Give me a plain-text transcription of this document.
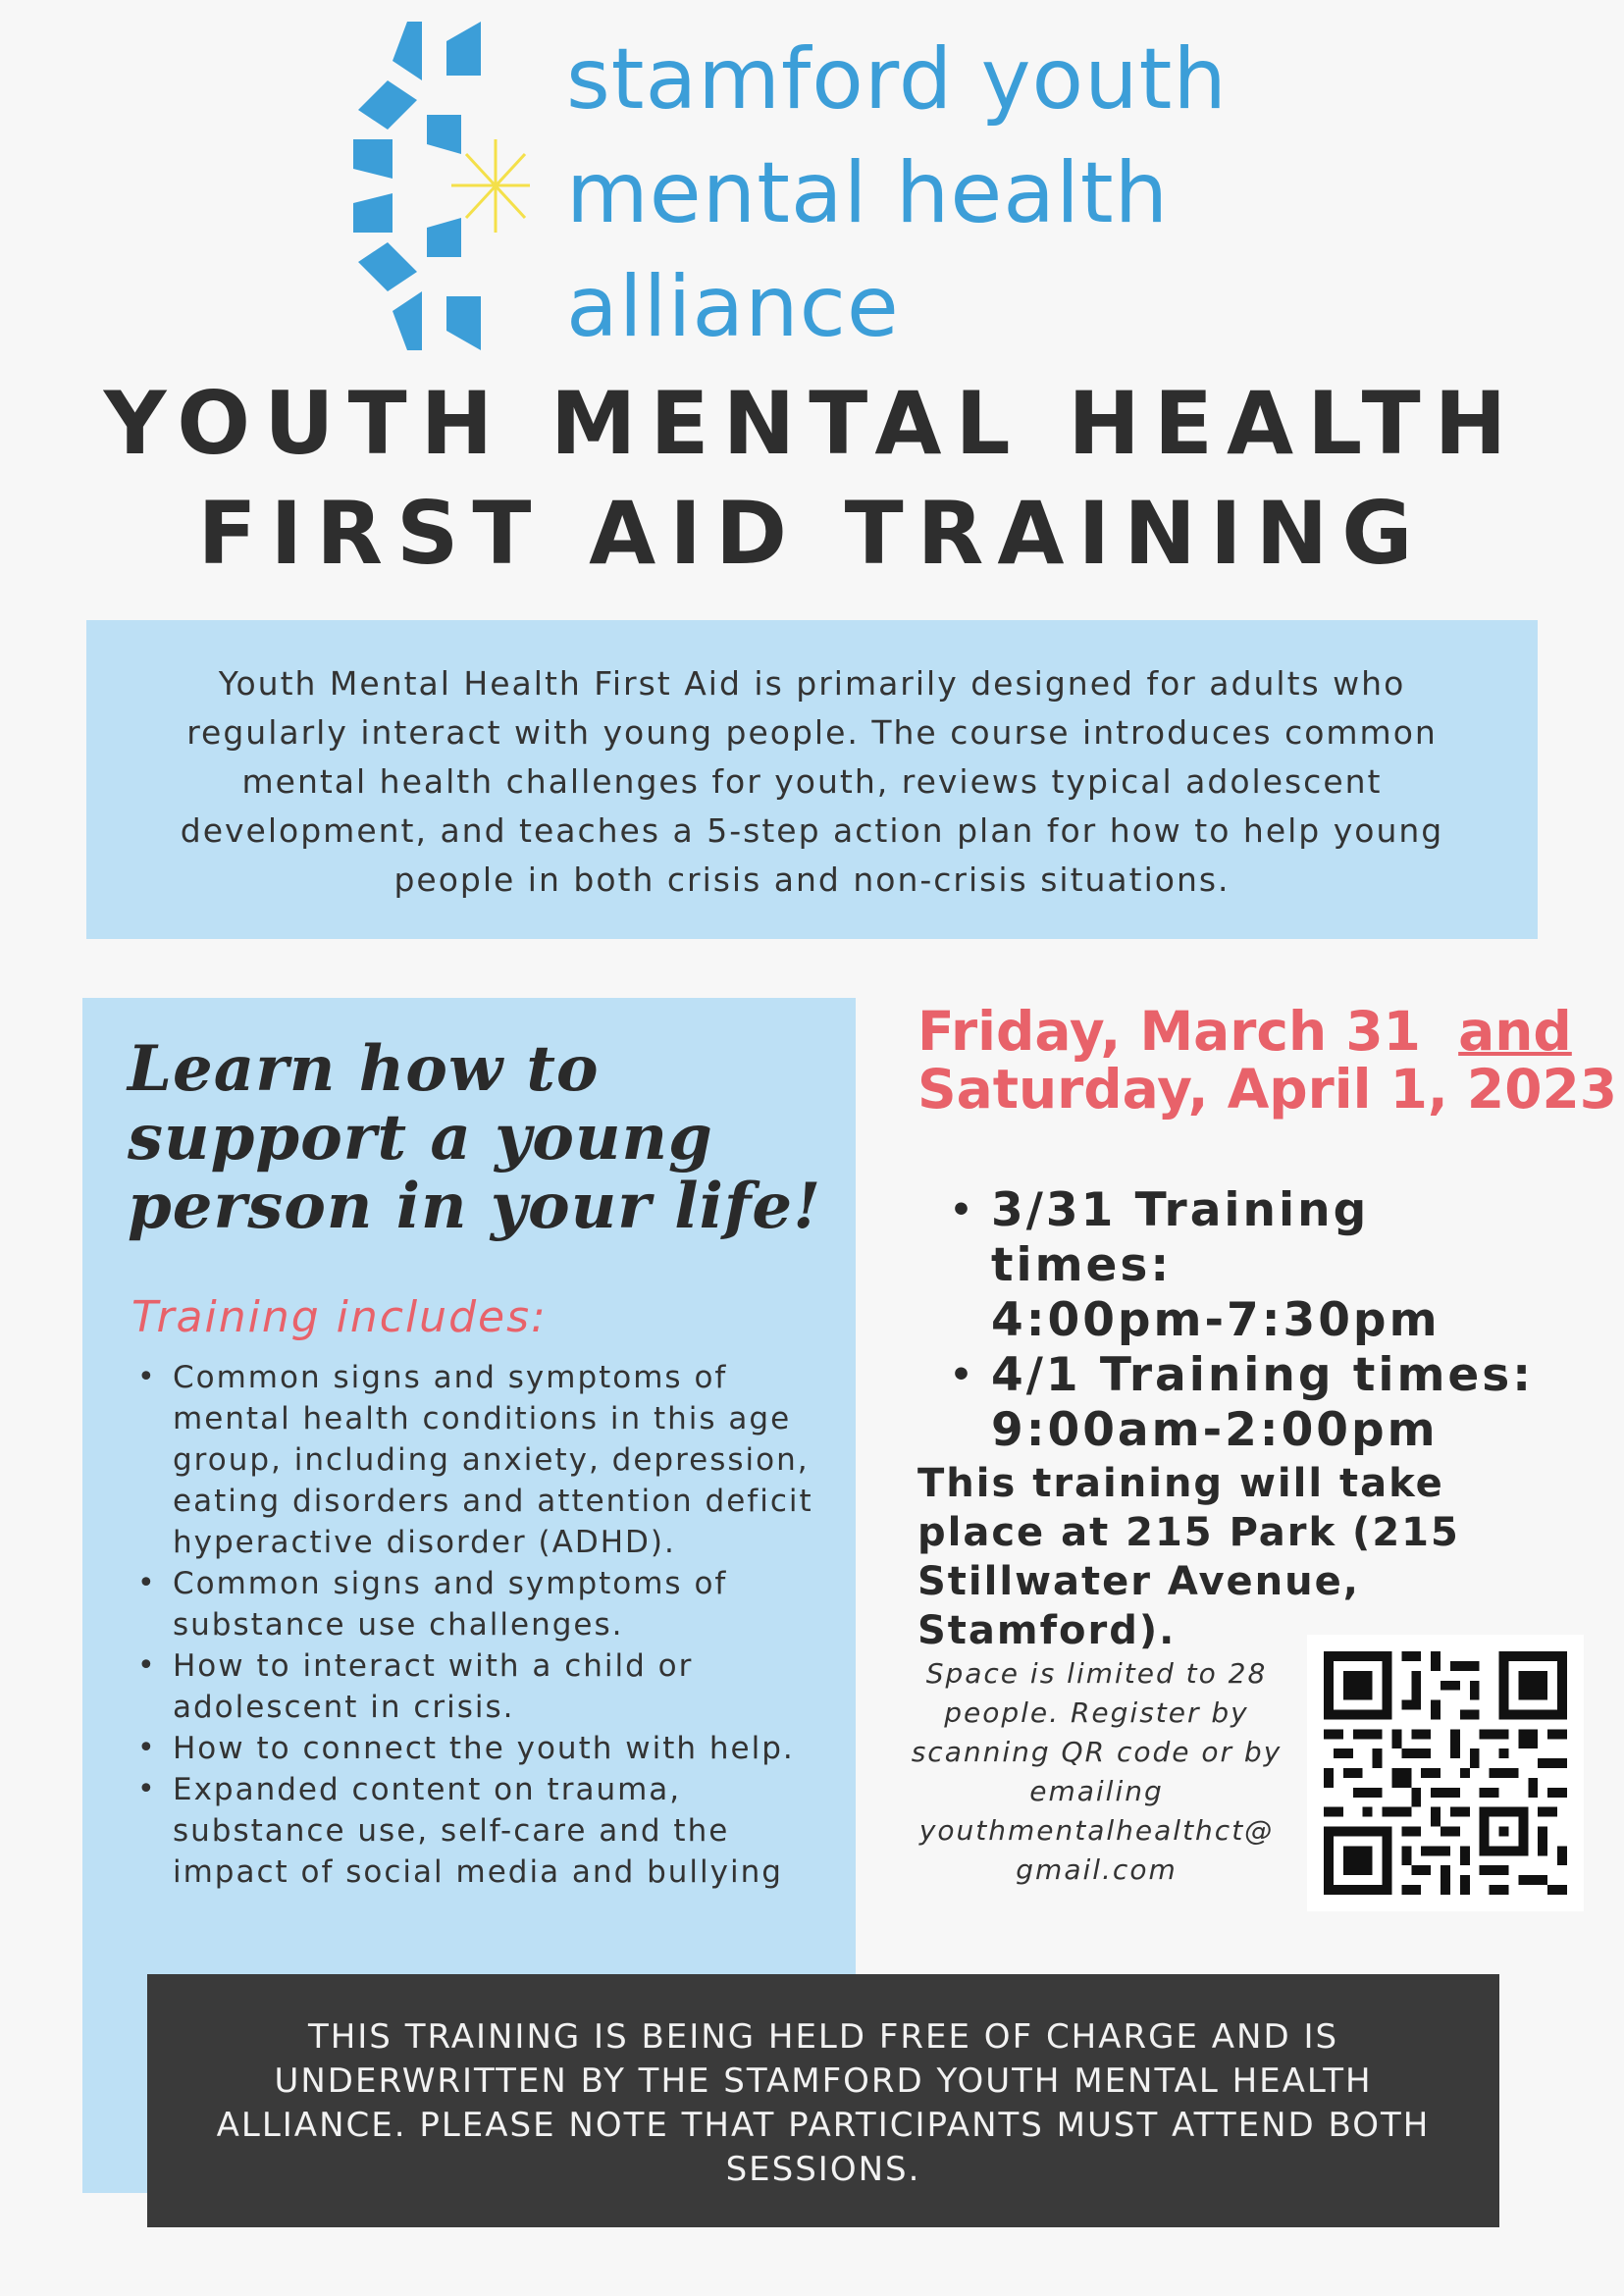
stamford youth
mental health
alliance
YOUTH MENTAL HEALTH
FIRST AID TRAINING
Youth Mental Health First Aid is primarily designed for adults who regularly interact with young people. The course introduces common mental health challenges for youth, reviews typical adolescent development, and teaches a 5-step action plan for how to help young people in both crisis and non-crisis situations.
Learn how to support a young person in your life!
Training includes:
• Common signs and symptoms of mental health conditions in this age group, including anxiety, depression, eating disorders and attention deficit hyperactive disorder (ADHD).
• Common signs and symptoms of substance use challenges.
• How to interact with a child or adolescent in crisis.
• How to connect the youth with help.
• Expanded content on trauma, substance use, self-care and the impact of social media and bullying
Friday, March 31 and
Saturday, April 1, 2023
• 3/31 Training times:
4:00pm-7:30pm
• 4/1 Training times:
9:00am-2:00pm
This training will take place at 215 Park (215 Stillwater Avenue, Stamford).
Space is limited to 28 people. Register by scanning QR code or by emailing youthmentalhealthct@ gmail.com
THIS TRAINING IS BEING HELD FREE OF CHARGE AND IS UNDERWRITTEN BY THE STAMFORD YOUTH MENTAL HEALTH ALLIANCE. PLEASE NOTE THAT PARTICIPANTS MUST ATTEND BOTH SESSIONS.
